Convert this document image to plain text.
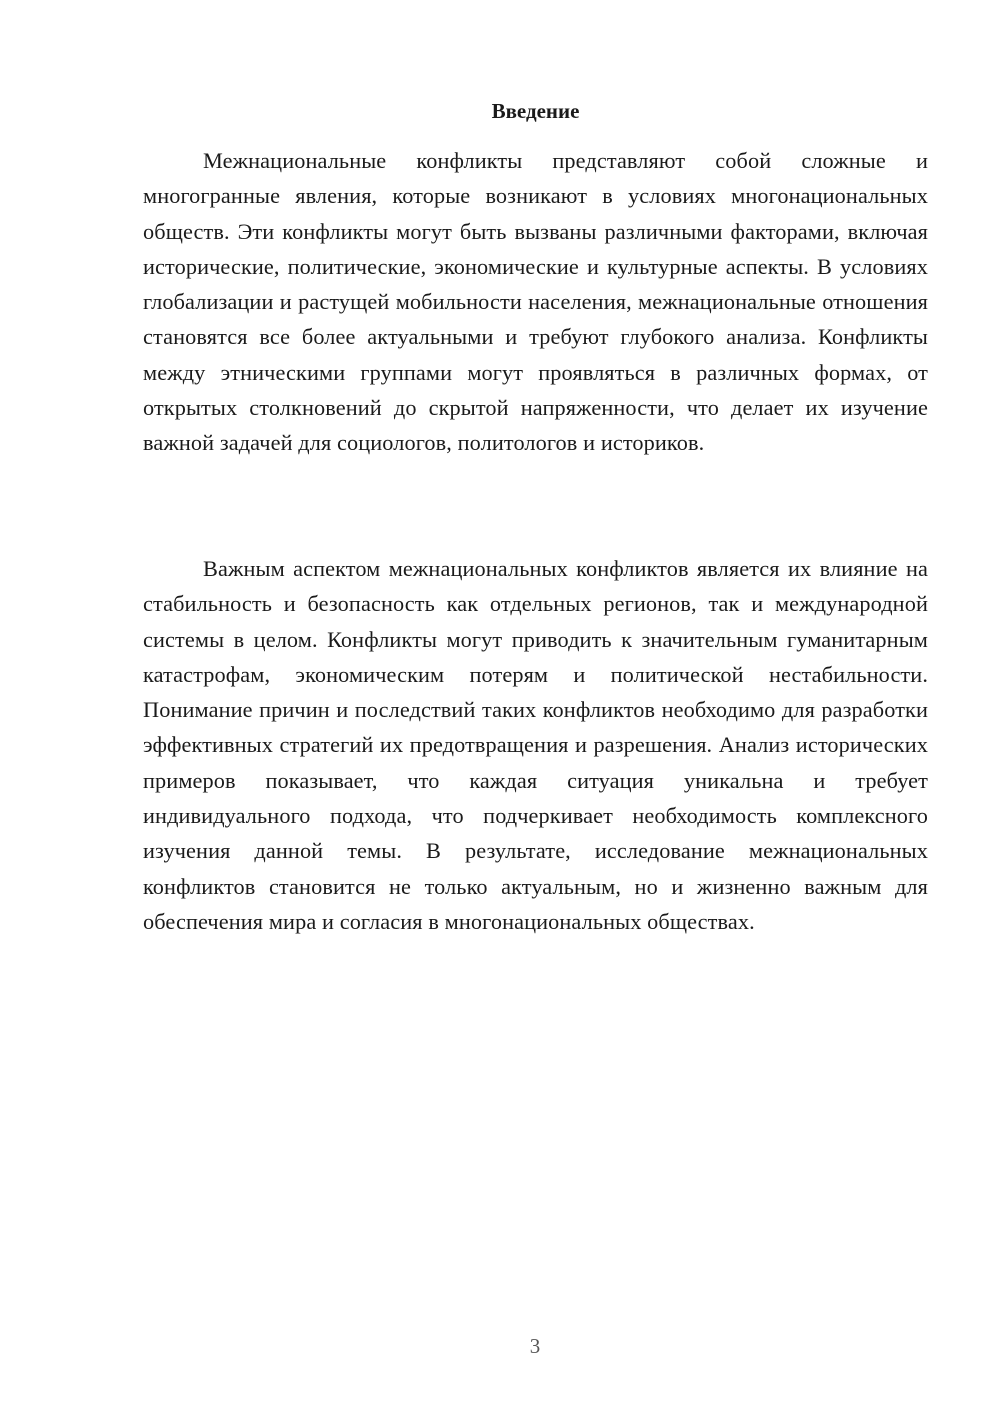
Введение

Межнациональные конфликты представляют собой сложные и многогранные явления, которые возникают в условиях многонациональных обществ. Эти конфликты могут быть вызваны различными факторами, включая исторические, политические, экономические и культурные аспекты. В условиях глобализации и растущей мобильности населения, межнациональные отношения становятся все более актуальными и требуют глубокого анализа. Конфликты между этническими группами могут проявляться в различных формах, от открытых столкновений до скрытой напряженности, что делает их изучение важной задачей для социологов, политологов и историков.

Важным аспектом межнациональных конфликтов является их влияние на стабильность и безопасность как отдельных регионов, так и международной системы в целом. Конфликты могут приводить к значительным гуманитарным катастрофам, экономическим потерям и политической нестабильности. Понимание причин и последствий таких конфликтов необходимо для разработки эффективных стратегий их предотвращения и разрешения. Анализ исторических примеров показывает, что каждая ситуация уникальна и требует индивидуального подхода, что подчеркивает необходимость комплексного изучения данной темы. В результате, исследование межнациональных конфликтов становится не только актуальным, но и жизненно важным для обеспечения мира и согласия в многонациональных обществах.

3
